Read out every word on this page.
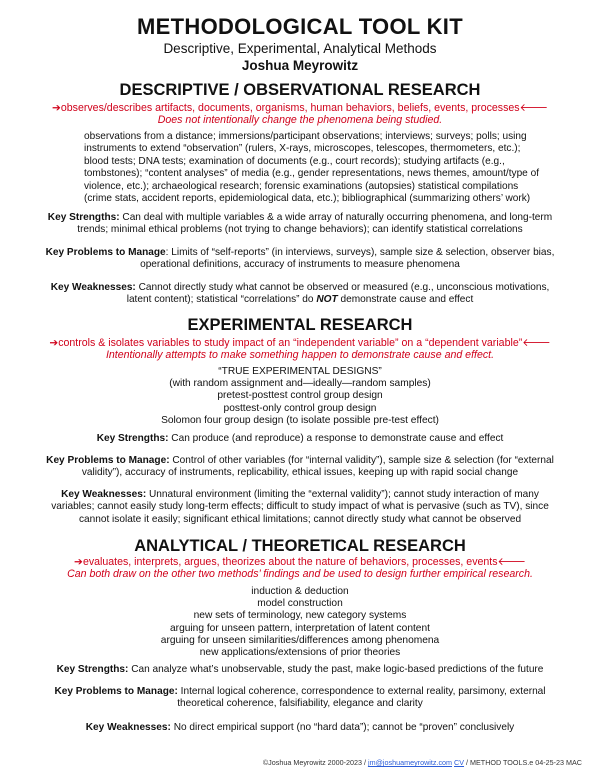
METHODOLOGICAL TOOL KIT
Descriptive, Experimental, Analytical Methods
Joshua Meyrowitz
DESCRIPTIVE / OBSERVATIONAL RESEARCH
➔observes/describes artifacts, documents, organisms, human behaviors, beliefs, events, processes🡐
Does not intentionally change the phenomena being studied.
observations from a distance; immersions/participant observations; interviews; surveys; polls; using instruments to extend “observation” (rulers, X-rays, microscopes, telescopes, thermometers, etc.); blood tests; DNA tests; examination of documents (e.g., court records); studying artifacts (e.g., tombstones); “content analyses” of media (e.g., gender representations, news themes, amount/type of violence, etc.); archaeological research; forensic examinations (autopsies) statistical compilations (crime stats, accident reports, epidemiological data, etc.); bibliographical (summarizing others’ work)
Key Strengths: Can deal with multiple variables & a wide array of naturally occurring phenomena, and long-term trends; minimal ethical problems (not trying to change behaviors); can identify statistical correlations
Key Problems to Manage: Limits of “self-reports” (in interviews, surveys), sample size & selection, observer bias, operational definitions, accuracy of instruments to measure phenomena
Key Weaknesses: Cannot directly study what cannot be observed or measured (e.g., unconscious motivations, latent content); statistical “correlations” do NOT demonstrate cause and effect
EXPERIMENTAL RESEARCH
➔controls & isolates variables to study impact of an “independent variable” on a “dependent variable”🡐
Intentionally attempts to make something happen to demonstrate cause and effect.
“TRUE EXPERIMENTAL DESIGNS”
(with random assignment and—ideally—random samples)
pretest-posttest control group design
posttest-only control group design
Solomon four group design (to isolate possible pre-test effect)
Key Strengths: Can produce (and reproduce) a response to demonstrate cause and effect
Key Problems to Manage: Control of other variables (for “internal validity”), sample size & selection (for “external validity”), accuracy of instruments, replicability, ethical issues, keeping up with rapid social change
Key Weaknesses: Unnatural environment (limiting the “external validity”); cannot study interaction of many variables; cannot easily study long-term effects; difficult to study impact of what is pervasive (such as TV), since cannot isolate it easily; significant ethical limitations; cannot directly study what cannot be observed
ANALYTICAL / THEORETICAL RESEARCH
➔evaluates, interprets, argues, theorizes about the nature of behaviors, processes, events🡐
Can both draw on the other two methods’ findings and be used to design further empirical research.
induction & deduction
model construction
new sets of terminology, new category systems
arguing for unseen pattern, interpretation of latent content
arguing for unseen similarities/differences among phenomena
new applications/extensions of prior theories
Key Strengths: Can analyze what’s unobservable, study the past, make logic-based predictions of the future
Key Problems to Manage: Internal logical coherence, correspondence to external reality, parsimony, external theoretical coherence, falsifiability, elegance and clarity
Key Weaknesses: No direct empirical support (no “hard data”); cannot be “proven” conclusively
©Joshua Meyrowitz 2000-2023 / jm@joshuameyrowitz.com CV / METHOD TOOLS.e 04-25-23 MAC
